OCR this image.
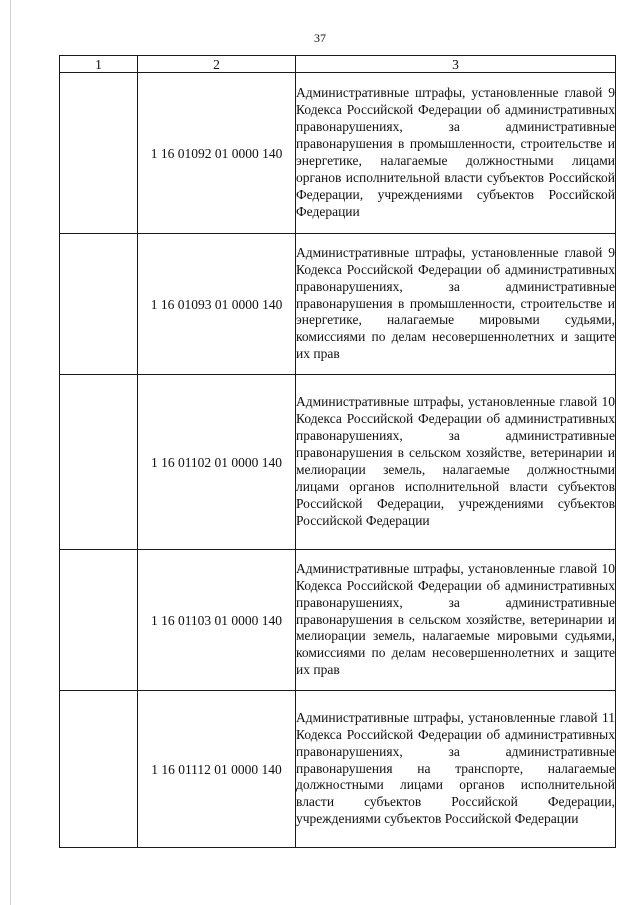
37
1	2	3
	1 16 01092 01 0000 140	Административные штрафы, установленные главой 9 Кодекса Российской Федерации об административных правонарушениях, за административные правонарушения в промышленности, строительстве и энергетике, налагаемые должностными лицами органов исполнительной власти субъектов Российской Федерации, учреждениями субъектов Российской Федерации
	1 16 01093 01 0000 140	Административные штрафы, установленные главой 9 Кодекса Российской Федерации об административных правонарушениях, за административные правонарушения в промышленности, строительстве и энергетике, налагаемые мировыми судьями, комиссиями по делам несовершеннолетних и защите их прав
	1 16 01102 01 0000 140	Административные штрафы, установленные главой 10 Кодекса Российской Федерации об административных правонарушениях, за административные правонарушения в сельском хозяйстве, ветеринарии и мелиорации земель, налагаемые должностными лицами органов исполнительной власти субъектов Российской Федерации, учреждениями субъектов Российской Федерации
	1 16 01103 01 0000 140	Административные штрафы, установленные главой 10 Кодекса Российской Федерации об административных правонарушениях, за административные правонарушения в сельском хозяйстве, ветеринарии и мелиорации земель, налагаемые мировыми судьями, комиссиями по делам несовершеннолетних и защите их прав
	1 16 01112 01 0000 140	Административные штрафы, установленные главой 11 Кодекса Российской Федерации об административных правонарушениях, за административные правонарушения на транспорте, налагаемые должностными лицами органов исполнительной власти субъектов Российской Федерации, учреждениями субъектов Российской Федерации
